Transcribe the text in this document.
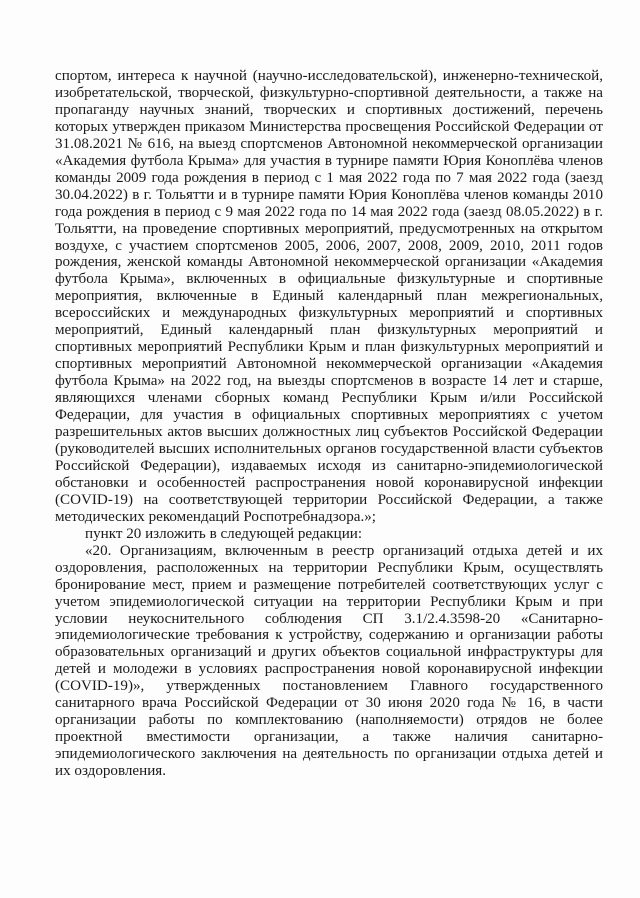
спортом, интереса к научной (научно-исследовательской), инженерно-технической, изобретательской, творческой, физкультурно-спортивной деятельности, а также на пропаганду научных знаний, творческих и спортивных достижений, перечень которых утвержден приказом Министерства просвещения Российской Федерации от 31.08.2021 № 616, на выезд спортсменов Автономной некоммерческой организации «Академия футбола Крыма» для участия в турнире памяти Юрия Коноплёва членов команды 2009 года рождения в период с 1 мая 2022 года по 7 мая 2022 года (заезд 30.04.2022) в г. Тольятти и в турнире памяти Юрия Коноплёва членов команды 2010 года рождения в период с 9 мая 2022 года по 14 мая 2022 года (заезд 08.05.2022) в г. Тольятти, на проведение спортивных мероприятий, предусмотренных на открытом воздухе, с участием спортсменов 2005, 2006, 2007, 2008, 2009, 2010, 2011 годов рождения, женской команды Автономной некоммерческой организации «Академия футбола Крыма», включенных в официальные физкультурные и спортивные мероприятия, включенные в Единый календарный план межрегиональных, всероссийских и международных физкультурных мероприятий и спортивных мероприятий, Единый календарный план физкультурных мероприятий и спортивных мероприятий Республики Крым и план физкультурных мероприятий и спортивных мероприятий Автономной некоммерческой организации «Академия футбола Крыма» на 2022 год, на выезды спортсменов в возрасте 14 лет и старше, являющихся членами сборных команд Республики Крым и/или Российской Федерации, для участия в официальных спортивных мероприятиях с учетом разрешительных актов высших должностных лиц субъектов Российской Федерации (руководителей высших исполнительных органов государственной власти субъектов Российской Федерации), издаваемых исходя из санитарно-эпидемиологической обстановки и особенностей распространения новой коронавирусной инфекции (COVID-19) на соответствующей территории Российской Федерации, а также методических рекомендаций Роспотребнадзора.»;

пункт 20 изложить в следующей редакции:

«20. Организациям, включенным в реестр организаций отдыха детей и их оздоровления, расположенных на территории Республики Крым, осуществлять бронирование мест, прием и размещение потребителей соответствующих услуг с учетом эпидемиологической ситуации на территории Республики Крым и при условии неукоснительного соблюдения СП 3.1/2.4.3598-20 «Санитарно-эпидемиологические требования к устройству, содержанию и организации работы образовательных организаций и других объектов социальной инфраструктуры для детей и молодежи в условиях распространения новой коронавирусной инфекции (COVID-19)», утвержденных постановлением Главного государственного санитарного врача Российской Федерации от 30 июня 2020 года № 16, в части организации работы по комплектованию (наполняемости) отрядов не более проектной вместимости организации, а также наличия санитарно-эпидемиологического заключения на деятельность по организации отдыха детей и их оздоровления.
